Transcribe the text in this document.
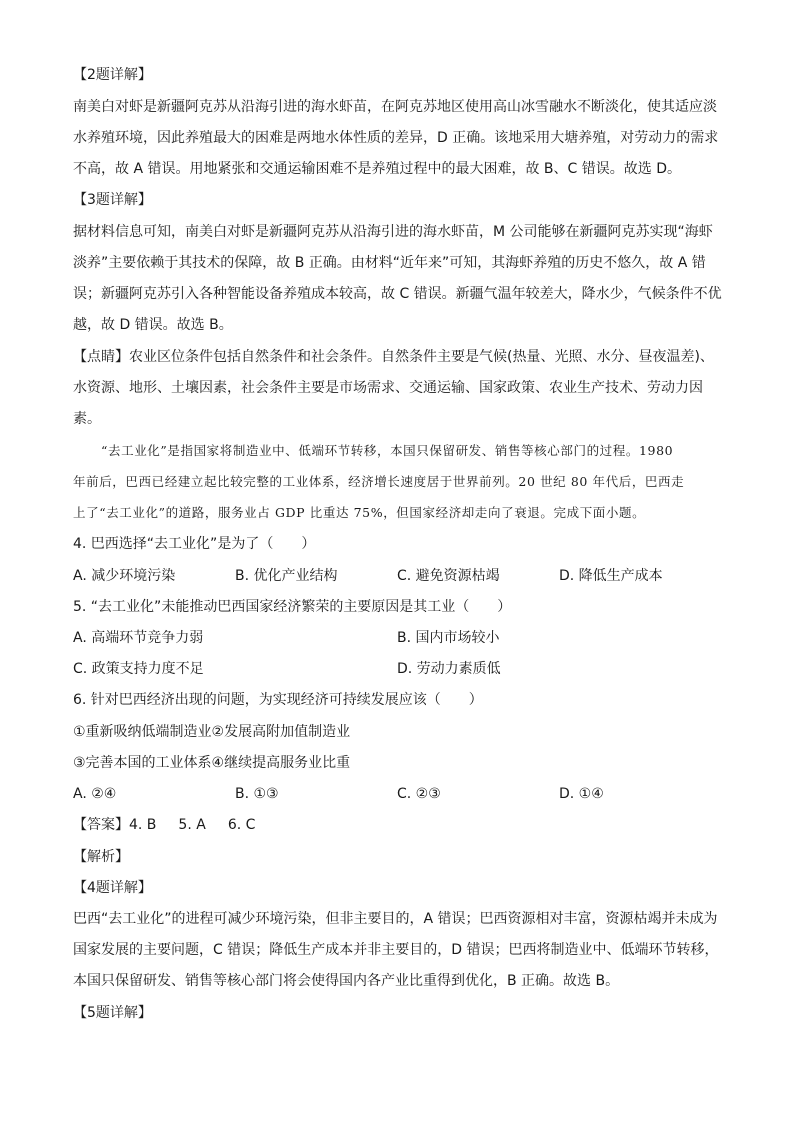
【2题详解】
南美白对虾是新疆阿克苏从沿海引进的海水虾苗，在阿克苏地区使用高山冰雪融水不断淡化，使其适应淡
水养殖环境，因此养殖最大的困难是两地水体性质的差异，D 正确。该地采用大塘养殖，对劳动力的需求
不高，故 A 错误。用地紧张和交通运输困难不是养殖过程中的最大困难，故 B、C 错误。故选 D。
【3题详解】
据材料信息可知，南美白对虾是新疆阿克苏从沿海引进的海水虾苗，M 公司能够在新疆阿克苏实现“海虾
淡养”主要依赖于其技术的保障，故 B 正确。由材料“近年来”可知，其海虾养殖的历史不悠久，故 A 错
误；新疆阿克苏引入各种智能设备养殖成本较高，故 C 错误。新疆气温年较差大，降水少，气候条件不优
越，故 D 错误。故选 B。
【点睛】农业区位条件包括自然条件和社会条件。自然条件主要是气候(热量、光照、水分、昼夜温差)、
水资源、地形、土壤因素，社会条件主要是市场需求、交通运输、国家政策、农业生产技术、劳动力因
素。
“去工业化”是指国家将制造业中、低端环节转移，本国只保留研发、销售等核心部门的过程。1980
年前后，巴西已经建立起比较完整的工业体系，经济增长速度居于世界前列。20 世纪 80 年代后，巴西走
上了“去工业化”的道路，服务业占 GDP 比重达 75%，但国家经济却走向了衰退。完成下面小题。
4. 巴西选择“去工业化”是为了（　　）
A. 减少环境污染	B. 优化产业结构	C. 避免资源枯竭	D. 降低生产成本
5. “去工业化”未能推动巴西国家经济繁荣的主要原因是其工业（　　）
A. 高端环节竞争力弱	B. 国内市场较小
C. 政策支持力度不足	D. 劳动力素质低
6. 针对巴西经济出现的问题，为实现经济可持续发展应该（　　）
①重新吸纳低端制造业②发展高附加值制造业
③完善本国的工业体系④继续提高服务业比重
A. ②④	B. ①③	C. ②③	D. ①④
【答案】4. B 5. A 6. C
【解析】
【4题详解】
巴西“去工业化”的进程可减少环境污染，但非主要目的，A 错误；巴西资源相对丰富，资源枯竭并未成为
国家发展的主要问题，C 错误；降低生产成本并非主要目的，D 错误；巴西将制造业中、低端环节转移，
本国只保留研发、销售等核心部门将会使得国内各产业比重得到优化，B 正确。故选 B。
【5题详解】
